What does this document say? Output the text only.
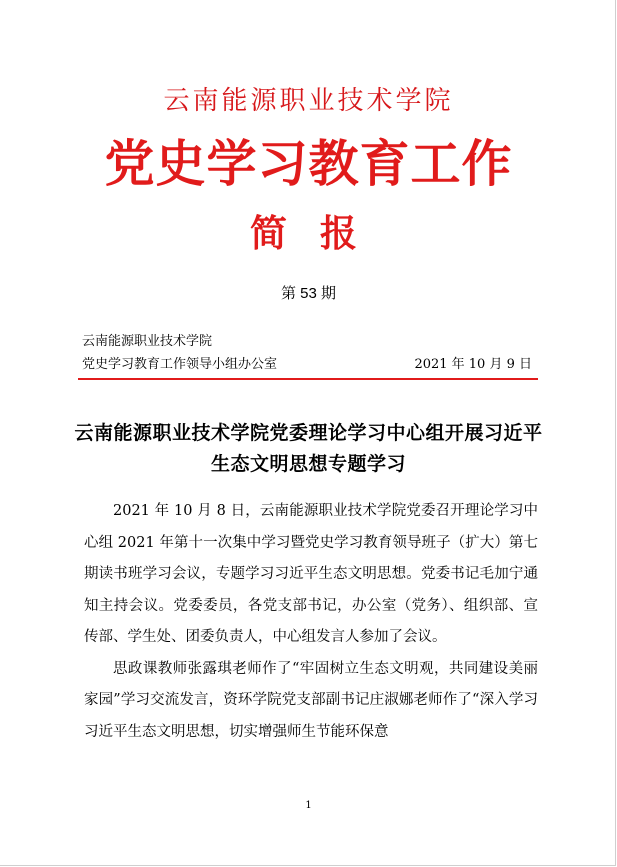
云南能源职业技术学院
党史学习教育工作
简 报
第 53 期
云南能源职业技术学院
党史学习教育工作领导小组办公室	2021 年 10 月 9 日
云南能源职业技术学院党委理论学习中心组开展习近平生态文明思想专题学习

2021 年 10 月 8 日，云南能源职业技术学院党委召开理论学习中心组 2021 年第十一次集中学习暨党史学习教育领导班子（扩大）第七期读书班学习会议，专题学习习近平生态文明思想。党委书记毛加宁通知主持会议。党委委员，各党支部书记，办公室（党务）、组织部、宣传部、学生处、团委负责人，中心组发言人参加了会议。

思政课教师张露琪老师作了“牢固树立生态文明观，共同建设美丽家园”学习交流发言，资环学院党支部副书记庄淑娜老师作了“深入学习习近平生态文明思想，切实增强师生节能环保意

1
